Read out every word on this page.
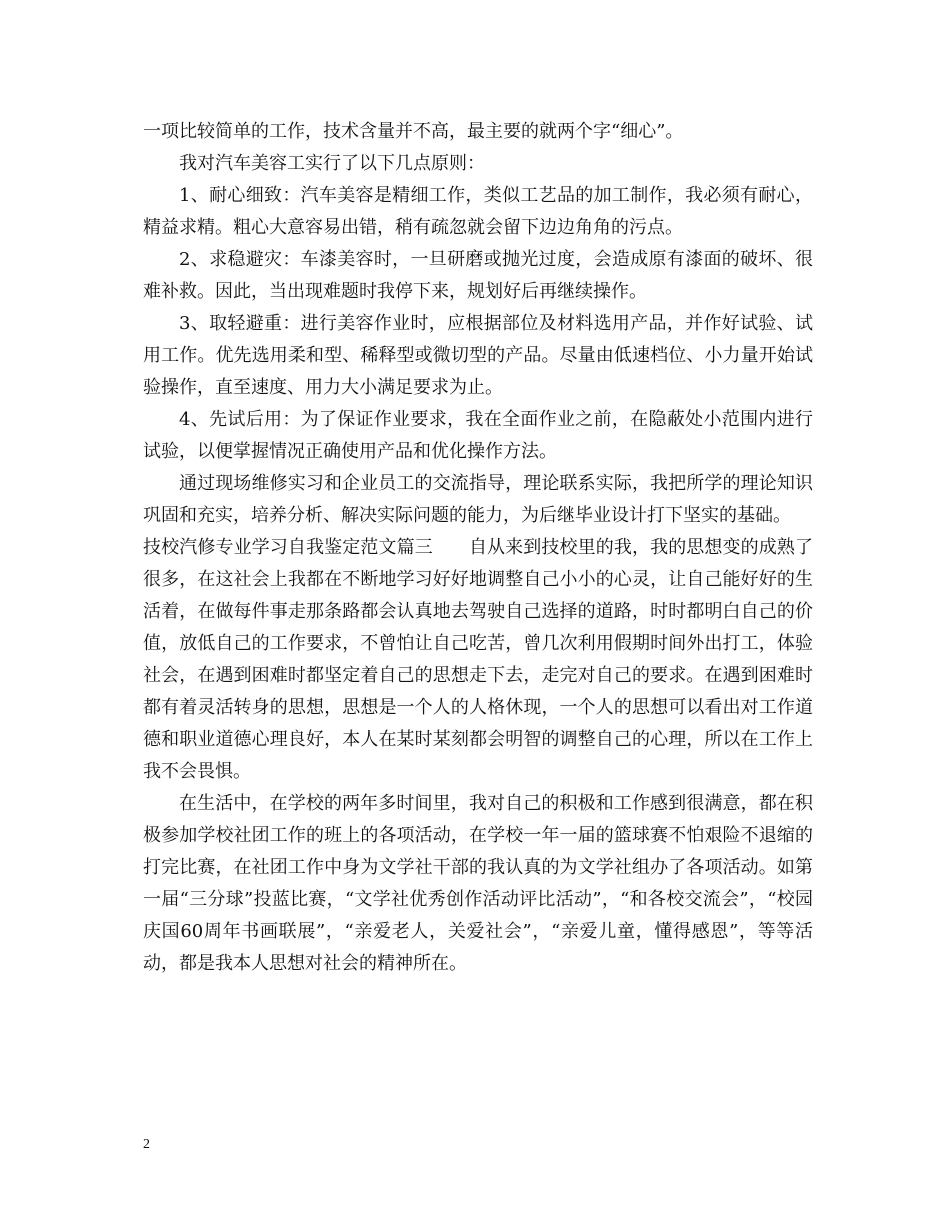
一项比较简单的工作，技术含量并不高，最主要的就两个字“细心”。

我对汽车美容工实行了以下几点原则：

1、耐心细致：汽车美容是精细工作，类似工艺品的加工制作，我必须有耐心，精益求精。粗心大意容易出错，稍有疏忽就会留下边边角角的污点。

2、求稳避灾：车漆美容时，一旦研磨或抛光过度，会造成原有漆面的破坏、很难补救。因此，当出现难题时我停下来，规划好后再继续操作。

3、取轻避重：进行美容作业时，应根据部位及材料选用产品，并作好试验、试用工作。优先选用柔和型、稀释型或微切型的产品。尽量由低速档位、小力量开始试验操作，直至速度、用力大小满足要求为止。

4、先试后用：为了保证作业要求，我在全面作业之前，在隐蔽处小范围内进行试验，以便掌握情况正确使用产品和优化操作方法。

通过现场维修实习和企业员工的交流指导，理论联系实际，我把所学的理论知识巩固和充实，培养分析、解决实际问题的能力，为后继毕业设计打下坚实的基础。

技校汽修专业学习自我鉴定范文篇三 自从来到技校里的我，我的思想变的成熟了很多，在这社会上我都在不断地学习好好地调整自己小小的心灵，让自己能好好的生活着，在做每件事走那条路都会认真地去驾驶自己选择的道路，时时都明白自己的价值，放低自己的工作要求，不曾怕让自己吃苦，曾几次利用假期时间外出打工，体验社会，在遇到困难时都坚定着自己的思想走下去，走完对自己的要求。在遇到困难时都有着灵活转身的思想，思想是一个人的人格休现，一个人的思想可以看出对工作道德和职业道德心理良好，本人在某时某刻都会明智的调整自己的心理，所以在工作上我不会畏惧。

在生活中，在学校的两年多时间里，我对自己的积极和工作感到很满意，都在积极参加学校社团工作的班上的各项活动，在学校一年一届的篮球赛不怕艰险不退缩的打完比赛，在社团工作中身为文学社干部的我认真的为文学社组办了各项活动。如第一届“三分球”投蓝比赛，“文学社优秀创作活动评比活动”，“和各校交流会”，“校园庆国60周年书画联展”，“亲爱老人，关爱社会”，“亲爱儿童，懂得感恩”，等等活动，都是我本人思想对社会的精神所在。

2
